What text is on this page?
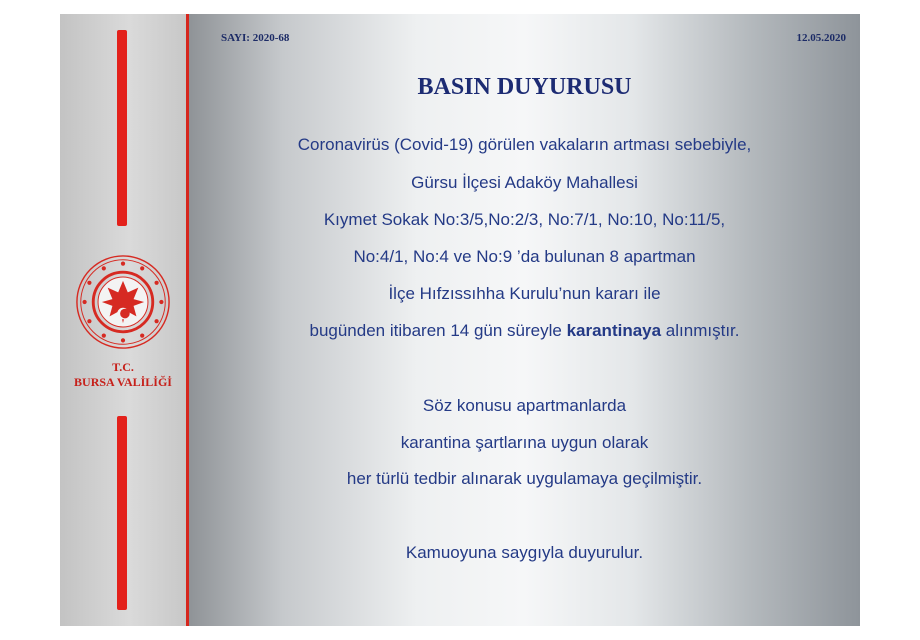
T.C.
BURSA VALİLİĞİ
SAYI: 2020-68	12.05.2020
BASIN DUYURUSU
Coronavirüs (Covid-19) görülen vakaların artması sebebiyle,
Gürsu İlçesi Adaköy Mahallesi
Kıymet Sokak No:3/5,No:2/3, No:7/1, No:10, No:11/5,
No:4/1, No:4 ve No:9 ’da bulunan 8 apartman
İlçe Hıfzıssıhha Kurulu’nun kararı ile
bugünden itibaren 14 gün süreyle karantinaya alınmıştır.
Söz konusu apartmanlarda
karantina şartlarına uygun olarak
her türlü tedbir alınarak uygulamaya geçilmiştir.
Kamuoyuna saygıyla duyurulur.
